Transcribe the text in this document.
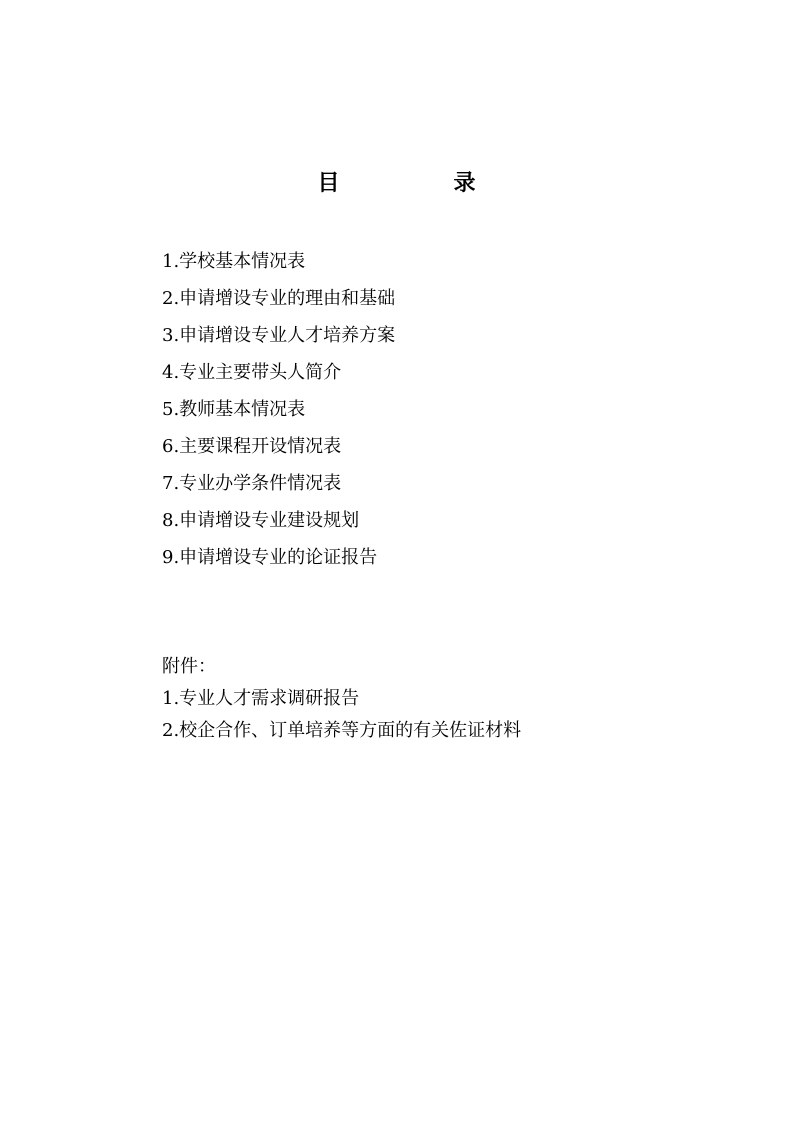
目　录
1.学校基本情况表
2.申请增设专业的理由和基础
3.申请增设专业人才培养方案
4.专业主要带头人简介
5.教师基本情况表
6.主要课程开设情况表
7.专业办学条件情况表
8.申请增设专业建设规划
9.申请增设专业的论证报告
附件：
1.专业人才需求调研报告
2.校企合作、订单培养等方面的有关佐证材料
